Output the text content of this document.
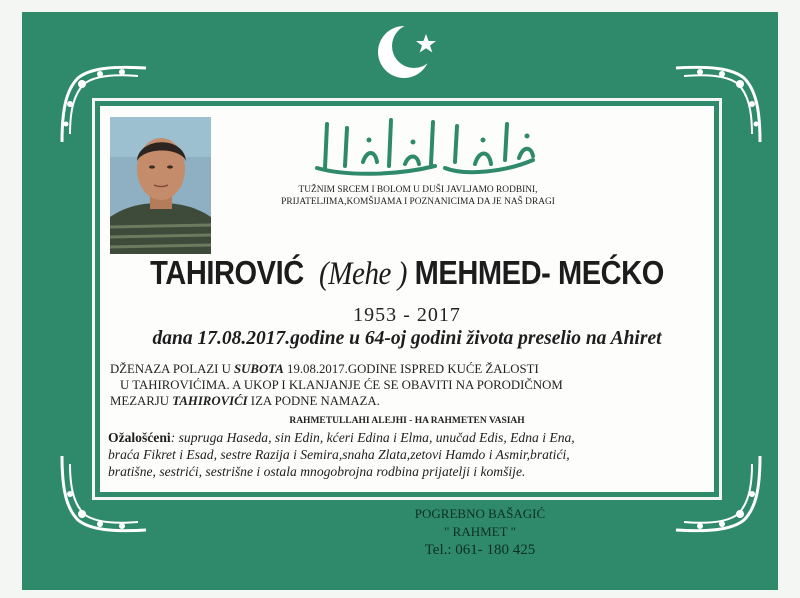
TUŽNIM SRCEM I BOLOM U DUŠI JAVLJAMO RODBINI,
PRIJATELJIMA,KOMŠIJAMA I POZNANICIMA DA JE NAŠ DRAGI
TAHIROVIĆ (Mehe ) MEHMED- MEĆKO
1953 - 2017
dana 17.08.2017.godine u 64-oj godini života preselio na Ahiret
DŽENAZA POLAZI U SUBOTA 19.08.2017.GODINE ISPRED KUĆE ŽALOSTI
U TAHIROVIĆIMA. A UKOP I KLANJANJE ĆE SE OBAVITI NA PORODIČNOM
MEZARJU TAHIROVIĆI IZA PODNE NAMAZA.
RAHMETULLAHI ALEJHI - HA RAHMETEN VASIAH
Ožalošćeni: supruga Haseda, sin Edin, kćeri Edina i Elma, unučad Edis, Edna i Ena,
braća Fikret i Esad, sestre Razija i Semira,snaha Zlata,zetovi Hamdo i Asmir,bratići,
bratišne, sestrići, sestrišne i ostala mnogobrojna rodbina prijatelji i komšije.
POGREBNO BAŠAGIĆ
" RAHMET "
Tel.: 061- 180 425
